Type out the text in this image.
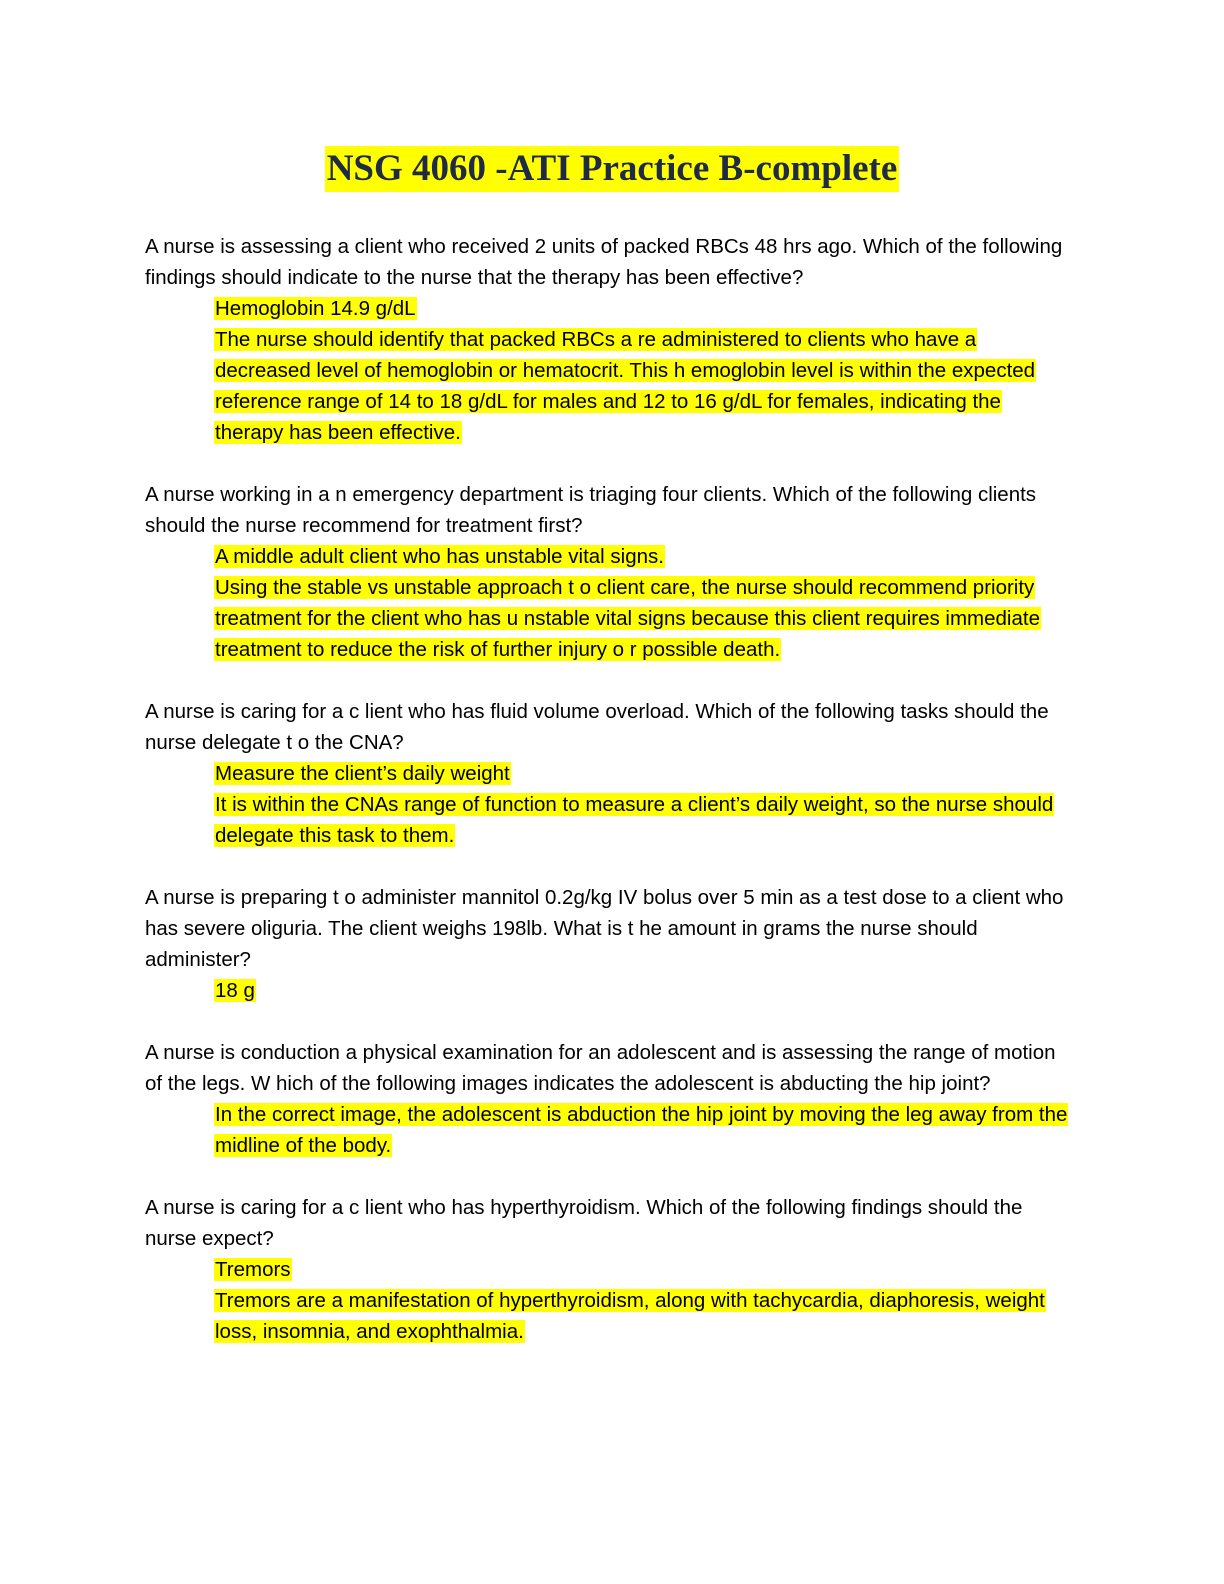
NSG 4060 -ATI Practice B-complete

A nurse is assessing a client who received 2 units of packed RBCs 48 hrs ago. Which of the following findings should indicate to the nurse that the therapy has been effective?

Hemoglobin 14.9 g/dL
The nurse should identify that packed RBCs a re administered to clients who have a decreased level of hemoglobin or hematocrit. This h emoglobin level is within the expected reference range of 14 to 18 g/dL for males and 12 to 16 g/dL for females, indicating the therapy has been effective.

A nurse working in a n emergency department is triaging four clients. Which of the following clients should the nurse recommend for treatment first?

A middle adult client who has unstable vital signs.
Using the stable vs unstable approach t o client care, the nurse should recommend priority treatment for the client who has u nstable vital signs because this client requires immediate treatment to reduce the risk of further injury o r possible death.

A nurse is caring for a c lient who has fluid volume overload. Which of the following tasks should the nurse delegate t o the CNA?

Measure the client’s daily weight
It is within the CNAs range of function to measure a client’s daily weight, so the nurse should delegate this task to them.

A nurse is preparing t o administer mannitol 0.2g/kg IV bolus over 5 min as a test dose to a client who has severe oliguria. The client weighs 198lb. What is t he amount in grams the nurse should administer?

18 g

A nurse is conduction a physical examination for an adolescent and is assessing the range of motion of the legs. W hich of the following images indicates the adolescent is abducting the hip joint?

In the correct image, the adolescent is abduction the hip joint by moving the leg away from the midline of the body.

A nurse is caring for a c lient who has hyperthyroidism. Which of the following findings should the nurse expect?

Tremors
Tremors are a manifestation of hyperthyroidism, along with tachycardia, diaphoresis, weight loss, insomnia, and exophthalmia.
